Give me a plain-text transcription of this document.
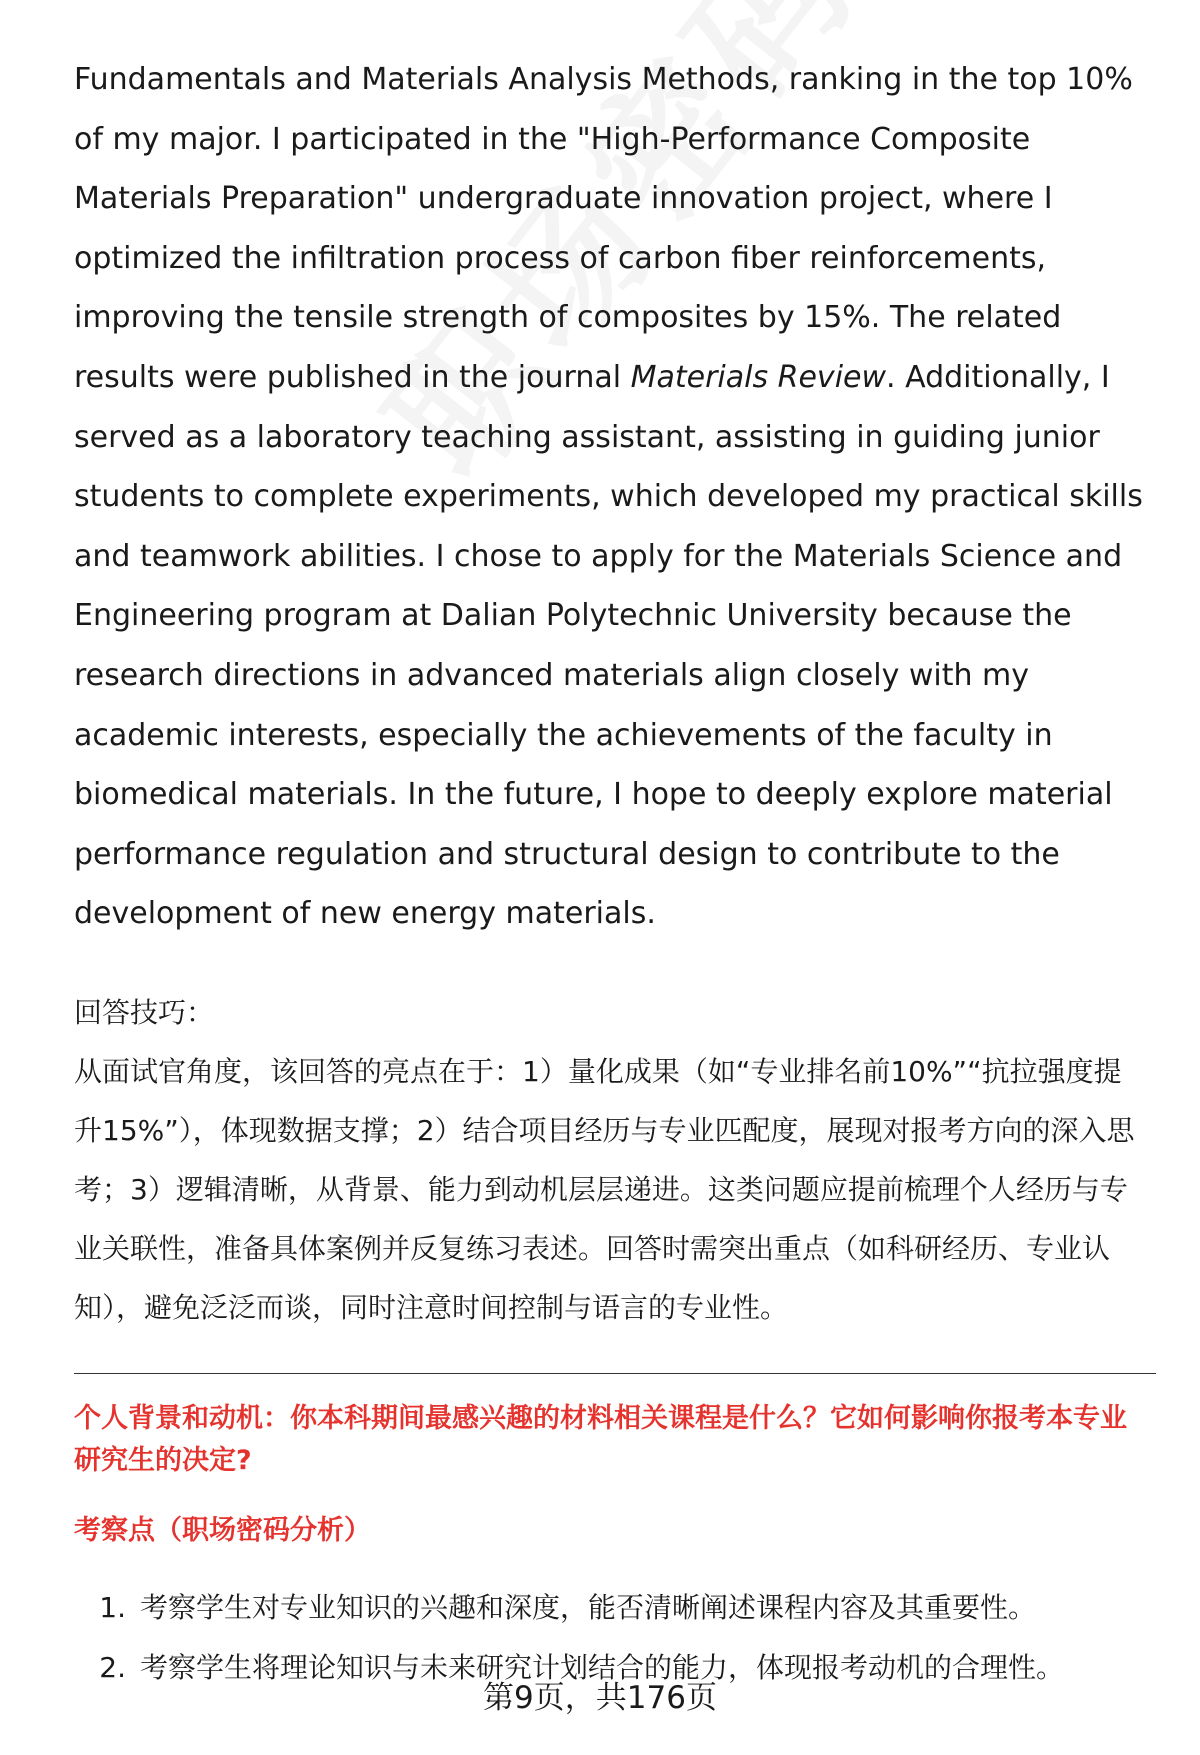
Fundamentals and Materials Analysis Methods, ranking in the top 10% of my major. I participated in the "High-Performance Composite Materials Preparation" undergraduate innovation project, where I optimized the infiltration process of carbon fiber reinforcements, improving the tensile strength of composites by 15%. The related results were published in the journal Materials Review. Additionally, I served as a laboratory teaching assistant, assisting in guiding junior students to complete experiments, which developed my practical skills and teamwork abilities. I chose to apply for the Materials Science and Engineering program at Dalian Polytechnic University because the research directions in advanced materials align closely with my academic interests, especially the achievements of the faculty in biomedical materials. In the future, I hope to deeply explore material performance regulation and structural design to contribute to the development of new energy materials.

回答技巧：

从面试官角度，该回答的亮点在于：1）量化成果（如“专业排名前10%”“抗拉强度提升15%”），体现数据支撑；2）结合项目经历与专业匹配度，展现对报考方向的深入思考；3）逻辑清晰，从背景、能力到动机层层递进。这类问题应提前梳理个人经历与专业关联性，准备具体案例并反复练习表述。回答时需突出重点（如科研经历、专业认知），避免泛泛而谈，同时注意时间控制与语言的专业性。

个人背景和动机：你本科期间最感兴趣的材料相关课程是什么？它如何影响你报考本专业研究生的决定?

考察点（职场密码分析）

1. 考察学生对专业知识的兴趣和深度，能否清晰阐述课程内容及其重要性。
2. 考察学生将理论知识与未来研究计划结合的能力，体现报考动机的合理性。
第9页，共176页
